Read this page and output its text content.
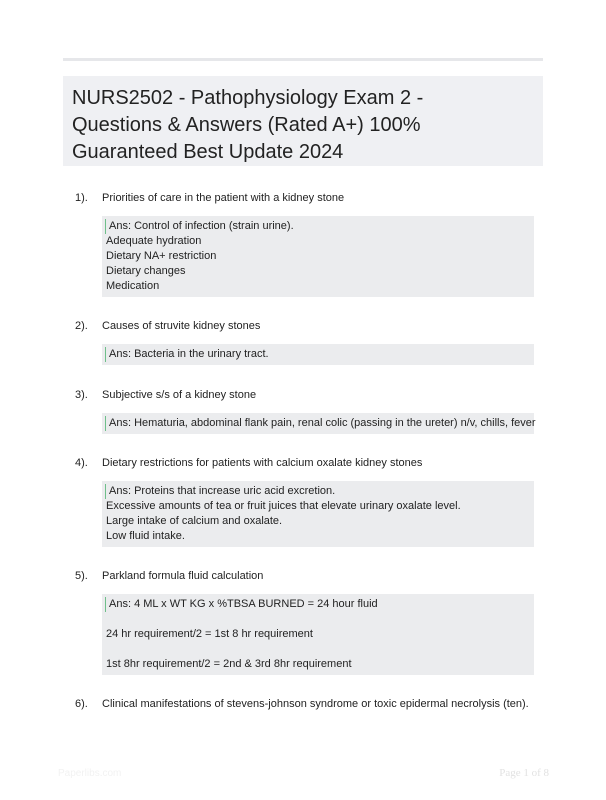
NURS2502 - Pathophysiology Exam 2 -
Questions & Answers (Rated A+) 100%
Guaranteed Best Update 2024
1). Priorities of care in the patient with a kidney stone
Ans: Control of infection (strain urine).
Adequate hydration
Dietary NA+ restriction
Dietary changes
Medication
2). Causes of struvite kidney stones
Ans: Bacteria in the urinary tract.
3). Subjective s/s of a kidney stone
Ans: Hematuria, abdominal flank pain, renal colic (passing in the ureter) n/v, chills, fever
4). Dietary restrictions for patients with calcium oxalate kidney stones
Ans: Proteins that increase uric acid excretion.
Excessive amounts of tea or fruit juices that elevate urinary oxalate level.
Large intake of calcium and oxalate.
Low fluid intake.
5). Parkland formula fluid calculation
Ans: 4 ML x WT KG x %TBSA BURNED = 24 hour fluid
24 hr requirement/2 = 1st 8 hr requirement
1st 8hr requirement/2 = 2nd & 3rd 8hr requirement
6). Clinical manifestations of stevens-johnson syndrome or toxic epidermal necrolysis (ten).
Paperlibs.com	Page 1 of 8
